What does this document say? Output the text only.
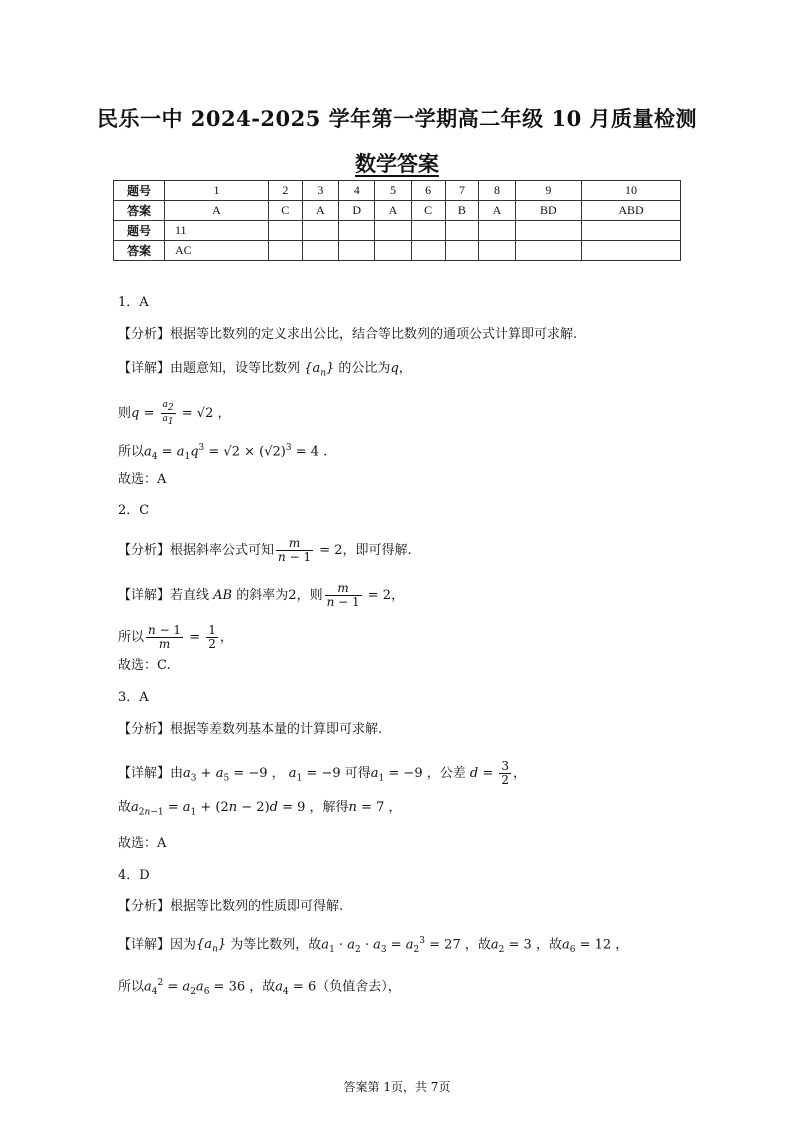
民乐一中 2024-2025 学年第一学期高二年级 10 月质量检测
数学答案
题号	1	2	3	4	5	6	7	8	9	10
答案	A	C	A	D	A	C	B	A	BD	ABD
题号	11									
答案	AC									
1．A
【分析】根据等比数列的定义求出公比，结合等比数列的通项公式计算即可求解.
【详解】由题意知，设等比数列 $\{a_n\}$ 的公比为q，
则$q = \frac{a_2}{a_1} = √2$ ，
所以$a_4 = a_1q^3 = √2 \times (√2)^3 = 4$ .
故选：A
2．C
【分析】根据斜率公式可知 $\frac{m}{n - 1} = 2$，即可得解.
【详解】若直线 AB 的斜率为2，则 $\frac{m}{n - 1} = 2$，
所以 $\frac{n - 1}{m} = \frac{1}{2}$ ，
故选：C.
3．A
【分析】根据等差数列基本量的计算即可求解.
【详解】由$a_3 + a_5 = -9$ ， $a_1 = -9$ 可得$a_1 = -9$ ，公差 $d = \frac{3}{2}$ ，
故$a_{2n-1} = a_1 + (2n - 2)d = 9$ ，解得n = 7 ，
故选：A
4．D
【分析】根据等比数列的性质即可得解.
【详解】因为$\{a_n\}$ 为等比数列，故$a_1 \cdot a_2 \cdot a_3 = a_2^3 = 27$ ，故$a_2 = 3$ ，故$a_6 = 12$ ，
所以$a_4^2 = a_2a_6 = 36$ ，故$a_4 = 6$（负值舍去），
答案第 1页，共 7页
